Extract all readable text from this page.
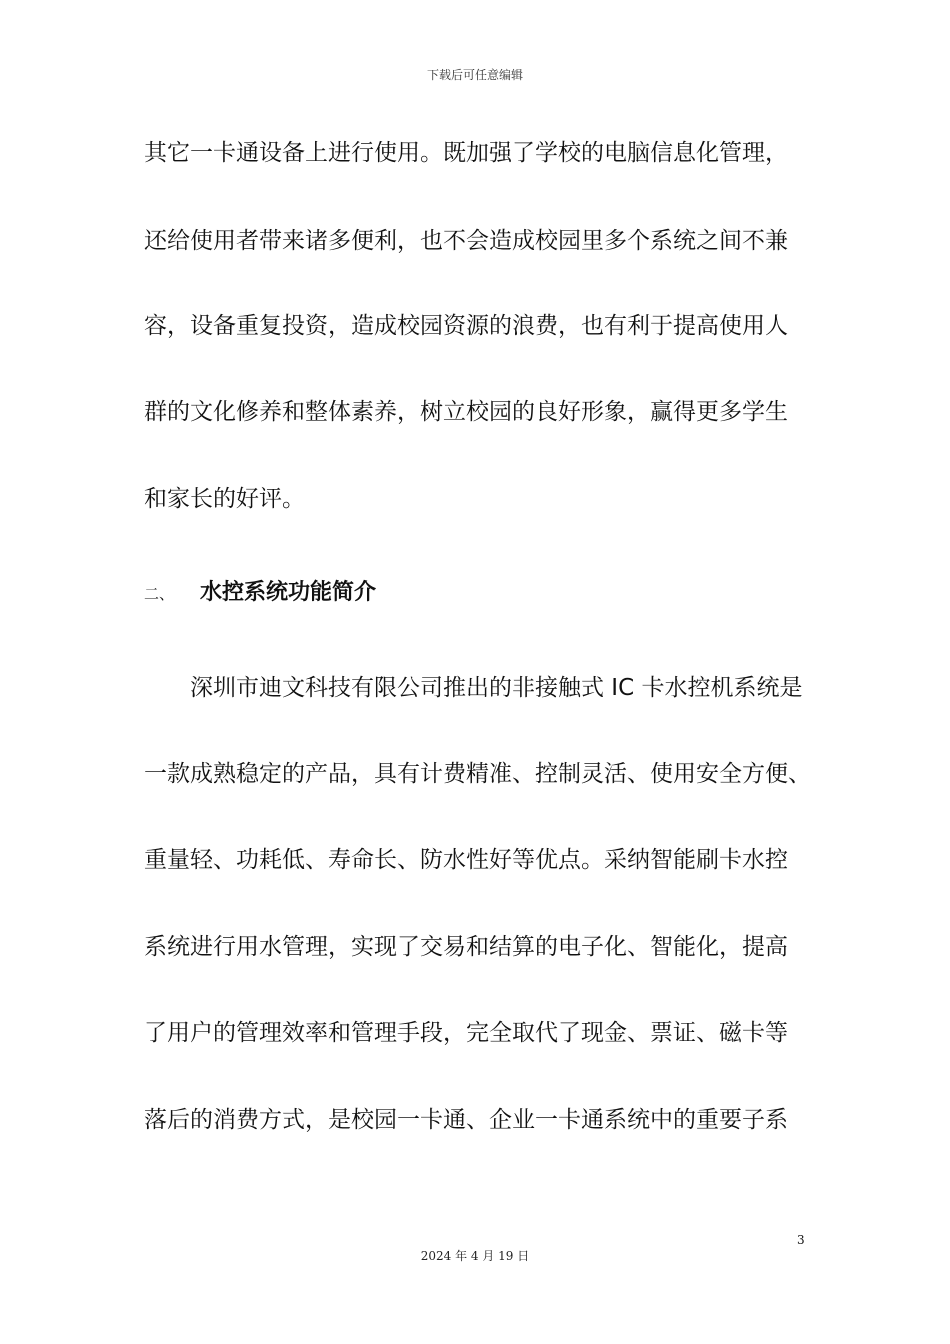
下载后可任意编辑
其它一卡通设备上进行使用。既加强了学校的电脑信息化管理，
还给使用者带来诸多便利，也不会造成校园里多个系统之间不兼
容，设备重复投资，造成校园资源的浪费，也有利于提高使用人
群的文化修养和整体素养，树立校园的良好形象，赢得更多学生
和家长的好评。
二、 水控系统功能简介
深圳市迪文科技有限公司推出的非接触式 IC 卡水控机系统是
一款成熟稳定的产品，具有计费精准、控制灵活、使用安全方便、
重量轻、功耗低、寿命长、防水性好等优点。采纳智能刷卡水控
系统进行用水管理，实现了交易和结算的电子化、智能化，提高
了用户的管理效率和管理手段，完全取代了现金、票证、磁卡等
落后的消费方式，是校园一卡通、企业一卡通系统中的重要子系
3
2024 年 4 月 19 日
